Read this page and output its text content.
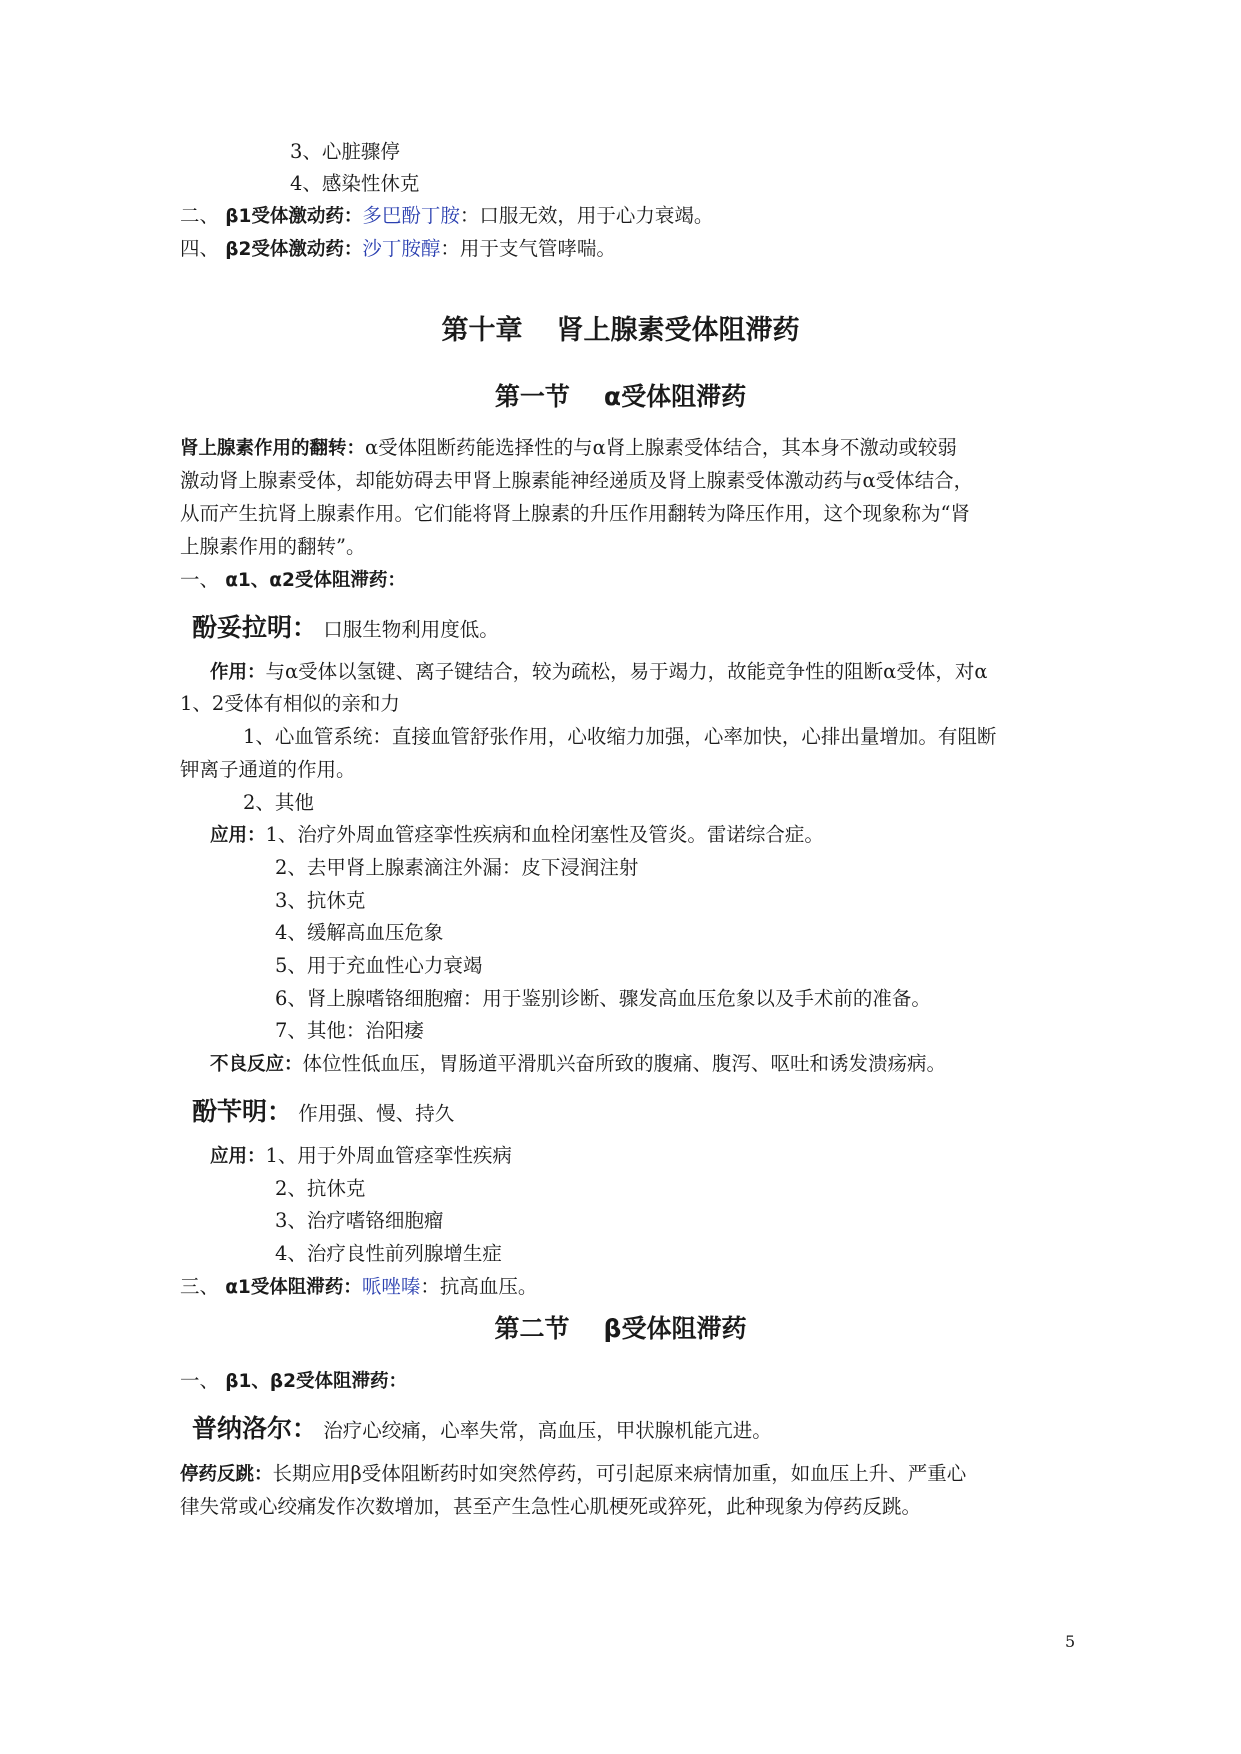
3、心脏骤停
4、感染性休克
二、 β1受体激动药：多巴酚丁胺：口服无效，用于心力衰竭。
四、 β2受体激动药：沙丁胺醇：用于支气管哮喘。
第十章 肾上腺素受体阻滞药
第一节 α受体阻滞药
肾上腺素作用的翻转：α受体阻断药能选择性的与α肾上腺素受体结合，其本身不激动或较弱
激动肾上腺素受体，却能妨碍去甲肾上腺素能神经递质及肾上腺素受体激动药与α受体结合，
从而产生抗肾上腺素作用。它们能将肾上腺素的升压作用翻转为降压作用，这个现象称为“肾
上腺素作用的翻转”。
一、 α1、α2受体阻滞药：
酚妥拉明： 口服生物利用度低。
作用：与α受体以氢键、离子键结合，较为疏松，易于竭力，故能竞争性的阻断α受体，对α
1、2受体有相似的亲和力
1、心血管系统：直接血管舒张作用，心收缩力加强，心率加快，心排出量增加。有阻断
钾离子通道的作用。
2、其他
应用：1、治疗外周血管痉挛性疾病和血栓闭塞性及管炎。雷诺综合症。
2、去甲肾上腺素滴注外漏：皮下浸润注射
3、抗休克
4、缓解高血压危象
5、用于充血性心力衰竭
6、肾上腺嗜铬细胞瘤：用于鉴别诊断、骤发高血压危象以及手术前的准备。
7、其他：治阳痿
不良反应：体位性低血压，胃肠道平滑肌兴奋所致的腹痛、腹泻、呕吐和诱发溃疡病。
酚苄明： 作用强、慢、持久
应用：1、用于外周血管痉挛性疾病
2、抗休克
3、治疗嗜铬细胞瘤
4、治疗良性前列腺增生症
三、 α1受体阻滞药：哌唑嗪：抗高血压。
第二节 β受体阻滞药
一、 β1、β2受体阻滞药：
普纳洛尔： 治疗心绞痛，心率失常，高血压，甲状腺机能亢进。
停药反跳：长期应用β受体阻断药时如突然停药，可引起原来病情加重，如血压上升、严重心
律失常或心绞痛发作次数增加，甚至产生急性心肌梗死或猝死，此种现象为停药反跳。
5
